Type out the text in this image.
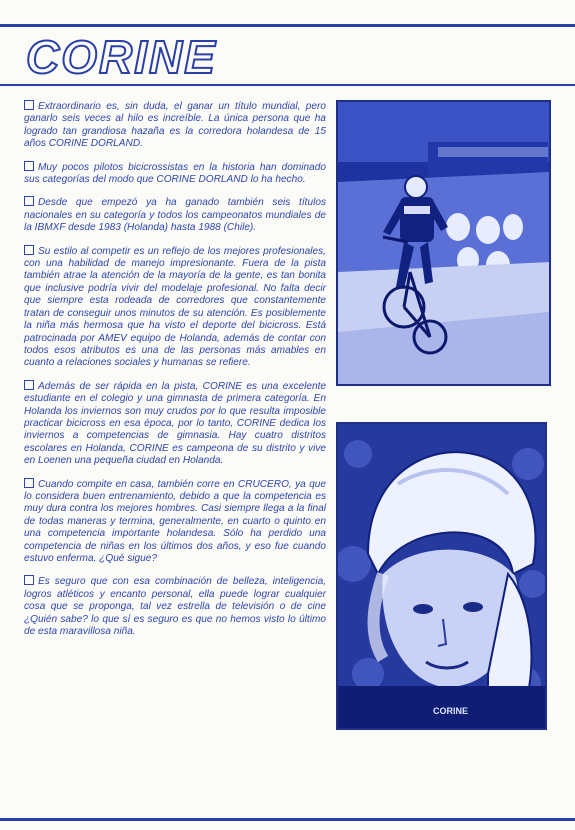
CORINE

Extraordinario es, sin duda, el ganar un título mundial, pero ganarlo seis veces al hilo es increíble. La única persona que ha logrado tan grandiosa hazaña es la corredora holandesa de 15 años CORINE DORLAND.

Muy pocos pilotos bicicrossistas en la historia han dominado sus categorías del modo que CORINE DORLAND lo ha hecho.

Desde que empezó ya ha ganado también seis títulos nacionales en su categoría y todos los campeonatos mundiales de la IBMXF desde 1983 (Holanda) hasta 1988 (Chile).

Su estilo al competir es un reflejo de los mejores profesionales, con una habilidad de manejo impresionante. Fuera de la pista también atrae la atención de la mayoría de la gente, es tan bonita que inclusive podría vivir del modelaje profesional. No falta decir que siempre esta rodeada de corredores que constantemente tratan de conseguir unos minutos de su atención. Es posiblemente la niña más hermosa que ha visto el deporte del bicicross. Está patrocinada por AMEV equipo de Holanda, además de contar con todos esos atributos es una de las personas más amables en cuanto a relaciones sociales y humanas se refiere.

Además de ser rápida en la pista, CORINE es una excelente estudiante en el colegio y una gimnasta de primera categoría. En Holanda los inviernos son muy crudos por lo que resulta imposible practicar bicicross en esa época, por lo tanto, CORINE dedica los inviernos a competencias de gimnasia. Hay cuatro distritos escolares en Holanda, CORINE es campeona de su distrito y vive en Loenen una pequeña ciudad en Holanda.

Cuando compite en casa, también corre en CRUCERO, ya que lo considera buen entrenamiento, debido a que la competencia es muy dura contra los mejores hombres. Casi siempre llega a la final de todas maneras y termina, generalmente, en cuarto o quinto en una competencia importante holandesa. Sólo ha perdido una competencia de niñas en los últimos dos años, y eso fue cuando estuvo enferma. ¿Qué sigue?

Es seguro que con esa combinación de belleza, inteligencia, logros atléticos y encanto personal, ella puede lograr cualquier cosa que se proponga, tal vez estrella de televisión o de cine ¿Quién sabe? lo que sí es seguro es que no hemos visto lo último de esta maravillosa niña.

CORINE
